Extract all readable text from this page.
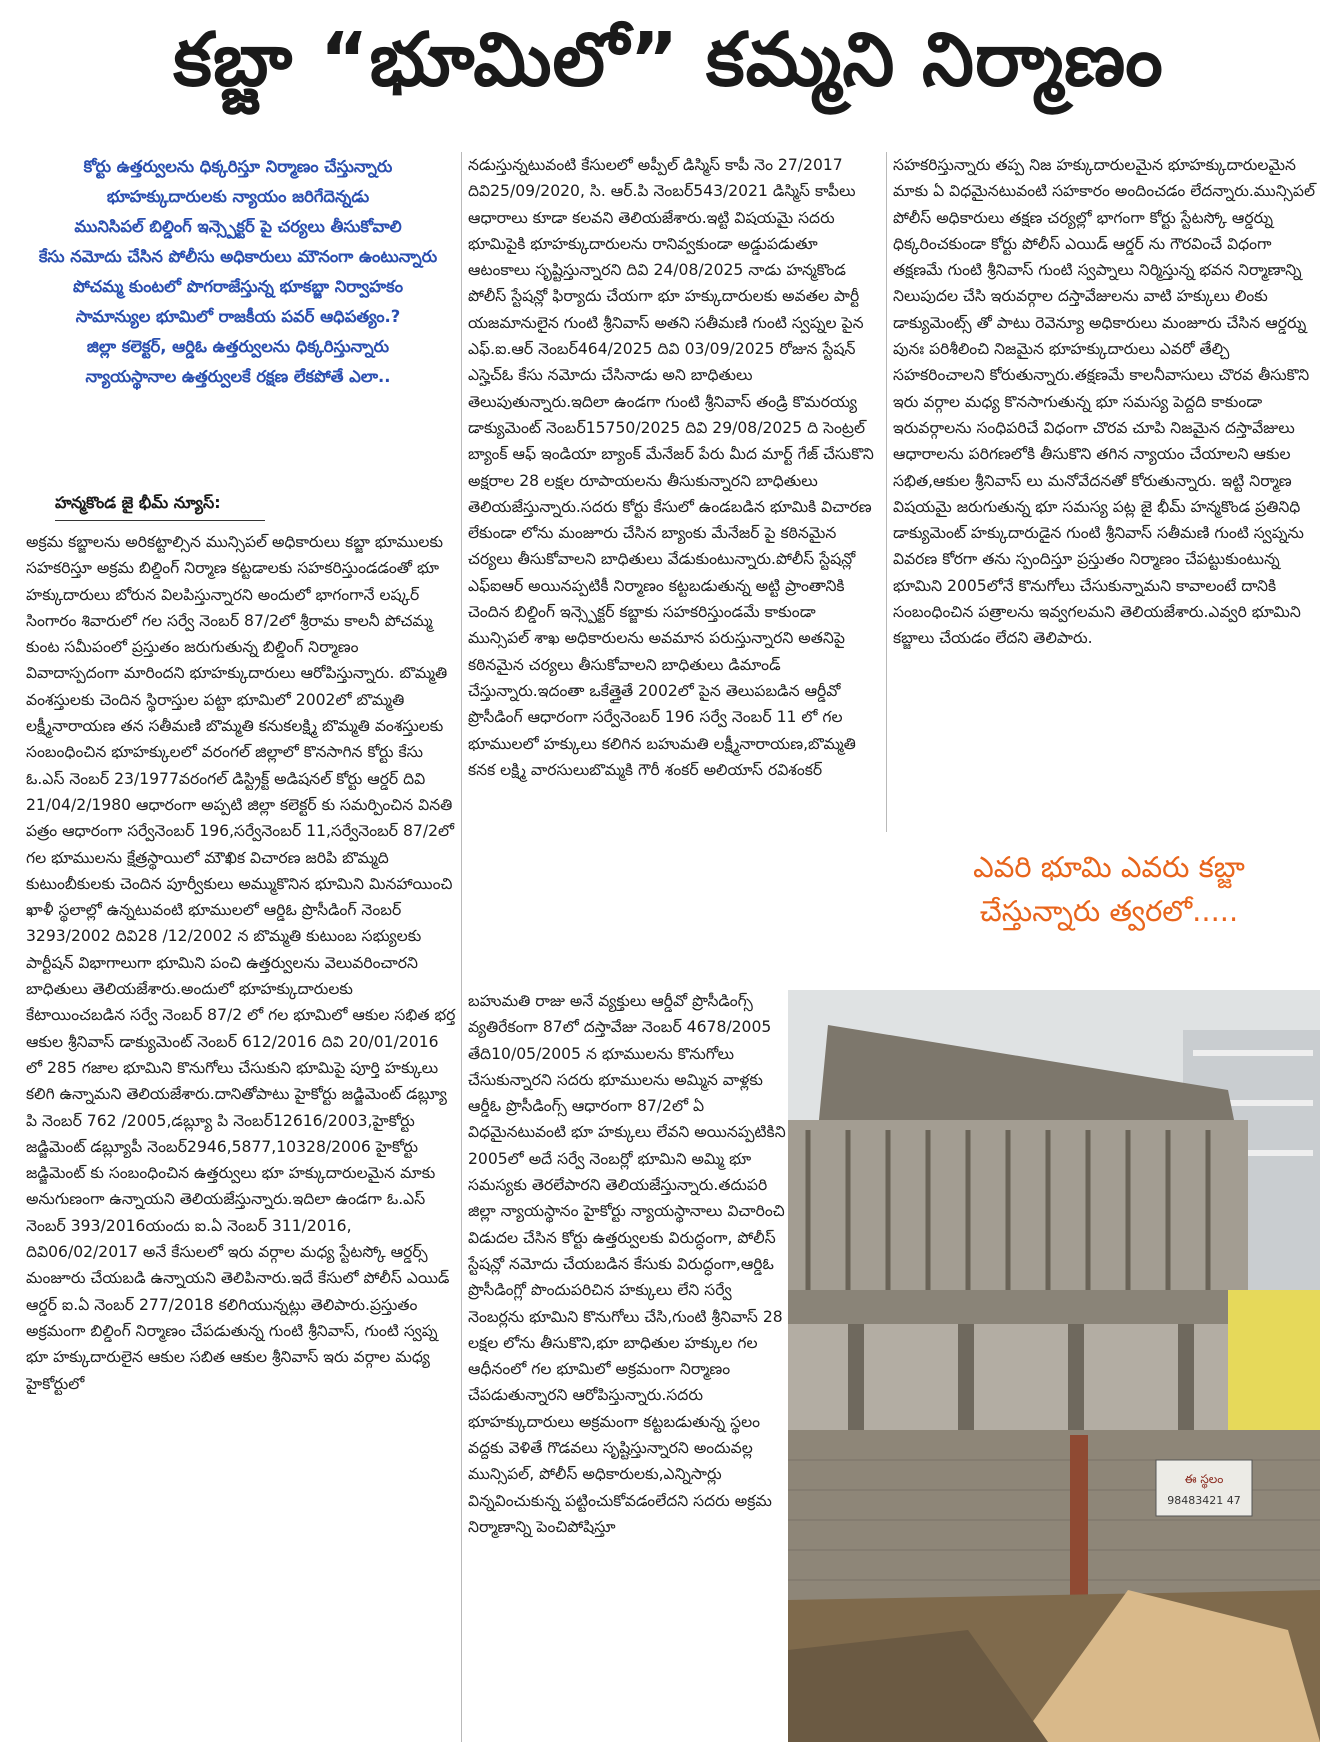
కబ్జా “భూమిలో” కమ్మని నిర్మాణం
కోర్టు ఉత్తర్వులను ధిక్కరిస్తూ నిర్మాణం చేస్తున్నారు
భూహక్కుదారులకు న్యాయం జరిగేదెన్నడు
మునిసిపల్ బిల్డింగ్ ఇన్స్పెక్టర్ పై చర్యలు తీసుకోవాలి
కేసు నమోదు చేసిన పోలీసు అధికారులు మౌనంగా ఉంటున్నారు
పోచమ్మ కుంటలో పొగరాజేస్తున్న భూకబ్జా నిర్వాహకం
సామాన్యుల భూమిలో రాజకీయ పవర్ ఆధిపత్యం.?
జిల్లా కలెక్టర్, ఆర్డిఓ ఉత్తర్వులను ధిక్కరిస్తున్నారు
న్యాయస్థానాల ఉత్తర్వులకే రక్షణ లేకపోతే ఎలా..
హన్మకొండ జై భీమ్ న్యూస్:

అక్రమ కబ్జాలను అరికట్టాల్సిన మున్సిపల్ అధికారులు కబ్జా భూములకు సహకరిస్తూ అక్రమ బిల్డింగ్ నిర్మాణ కట్టడాలకు సహకరిస్తుండడంతో భూ హక్కుదారులు బోరున విలపిస్తున్నారని అందులో భాగంగానే లష్కర్ సింగారం శివారులో గల సర్వే నెంబర్ 87/2లో శ్రీరామ కాలనీ పోచమ్మ కుంట సమీపంలో ప్రస్తుతం జరుగుతున్న బిల్డింగ్ నిర్మాణం వివాదాస్పదంగా మారిందని భూహక్కుదారులు ఆరోపిస్తున్నారు. బొమ్మతి వంశస్తులకు చెందిన స్థిరాస్తుల పట్టా భూమిలో 2002లో బొమ్మతి లక్ష్మీనారాయణ తన సతీమణి బొమ్మతి కనుకలక్ష్మి బొమ్మతి వంశస్తులకు సంబంధించిన భూహక్కులలో వరంగల్ జిల్లాలో కొనసాగిన కోర్టు కేసు ఓ.ఎస్ నెంబర్ 23/1977వరంగల్ డిస్ట్రిక్ట్ అడిషనల్ కోర్టు ఆర్డర్ దివి 21/04/2/1980 ఆధారంగా అప్పటి జిల్లా కలెక్టర్ కు సమర్పించిన వినతి పత్రం ఆధారంగా సర్వేనెంబర్ 196,సర్వేనెంబర్ 11,సర్వేనెంబర్ 87/2లో గల భూములను క్షేత్రస్థాయిలో మౌఖిక విచారణ జరిపి బొమ్మది కుటుంబీకులకు చెందిన పూర్వీకులు అమ్ముకొనిన భూమిని మినహాయించి ఖాళీ స్థలాల్లో ఉన్నటువంటి భూములలో ఆర్డిఓ ప్రొసీడింగ్ నెంబర్ 3293/2002 దివి28 /12/2002 న బొమ్మతి కుటుంబ సభ్యులకు పార్టీషన్ విభాగాలుగా భూమిని పంచి ఉత్తర్వులను వెలువరించారని బాధితులు తెలియజేశారు.అందులో భూహక్కుదారులకు కేటాయించబడిన సర్వే నెంబర్ 87/2 లో గల భూమిలో ఆకుల సభిత భర్త ఆకుల శ్రీనివాస్ డాక్యుమెంట్ నెంబర్ 612/2016 దివి 20/01/2016 లో 285 గజాల భూమిని కొనుగోలు చేసుకుని భూమిపై పూర్తి హక్కులు కలిగి ఉన్నామని తెలియజేశారు.దానితోపాటు హైకోర్టు జడ్జిమెంట్ డబ్ల్యూ పి నెంబర్ 762 /2005,డబ్ల్యూ పి నెంబర్12616/2003,హైకోర్టు జడ్జిమెంట్ డబ్ల్యూపీ నెంబర్2946,5877,10328/2006 హైకోర్టు జడ్జిమెంట్ కు సంబంధించిన ఉత్తర్వులు భూ హక్కుదారులమైన మాకు అనుగుణంగా ఉన్నాయని తెలియజేస్తున్నారు.ఇదిలా ఉండగా ఓ.ఎస్ నెంబర్ 393/2016యందు ఐ.ఏ నెంబర్ 311/2016, దివి06/02/2017 అనే కేసులలో ఇరు వర్గాల మధ్య స్టేటస్కో ఆర్డర్స్ మంజూరు చేయబడి ఉన్నాయని తెలిపినారు.ఇదే కేసులో పోలీస్ ఎయిడ్ ఆర్డర్ ఐ.ఏ నెంబర్ 277/2018 కలిగియున్నట్లు తెలిపారు.ప్రస్తుతం అక్రమంగా బిల్డింగ్ నిర్మాణం చేపడుతున్న గుంటి శ్రీనివాస్, గుంటి స్వప్న భూ హక్కుదారులైన ఆకుల సబిత ఆకుల శ్రీనివాస్ ఇరు వర్గాల మధ్య హైకోర్టులో

నడుస్తున్నటువంటి కేసులలో అప్పీల్ డిస్మిస్ కాపీ నెం 27/2017 దివి25/09/2020, సి. ఆర్.పి నెంబర్543/2021 డిస్మిస్ కాపీలు ఆధారాలు కూడా కలవని తెలియజేశారు.ఇట్టి విషయమై సదరు భూమిపైకి భూహక్కుదారులను రానివ్వకుండా అడ్డుపడుతూ ఆటంకాలు సృష్టిస్తున్నారని దివి 24/08/2025 నాడు హన్మకొండ పోలీస్ స్టేషన్లో ఫిర్యాదు చేయగా భూ హక్కుదారులకు అవతల పార్టీ యజమానులైన గుంటి శ్రీనివాస్ అతని సతీమణి గుంటి స్వప్నల పైన ఎఫ్.ఐ.ఆర్ నెంబర్464/2025 దివి 03/09/2025 రోజున స్టేషన్ ఎస్హెచ్ఓ కేసు నమోదు చేసినాడు అని బాధితులు తెలుపుతున్నారు.ఇదిలా ఉండగా గుంటి శ్రీనివాస్ తండ్రి కొమరయ్య డాక్యుమెంట్ నెంబర్15750/2025 దివి 29/08/2025 ది సెంట్రల్ బ్యాంక్ ఆఫ్ ఇండియా బ్యాంక్ మేనేజర్ పేరు మీద మార్ట్ గేజ్ చేసుకొని అక్షరాల 28 లక్షల రూపాయలను తీసుకున్నారని బాధితులు తెలియజేస్తున్నారు.సదరు కోర్టు కేసులో ఉండబడిన భూమికి విచారణ లేకుండా లోను మంజూరు చేసిన బ్యాంకు మేనేజర్ పై కఠినమైన చర్యలు తీసుకోవాలని బాధితులు వేడుకుంటున్నారు.పోలీస్ స్టేషన్లో ఎఫ్ఐఆర్ అయినప్పటికీ నిర్మాణం కట్టబడుతున్న అట్టి ప్రాంతానికి చెందిన బిల్డింగ్ ఇన్స్పెక్టర్ కబ్జాకు సహకరిస్తుండమే కాకుండా మున్సిపల్ శాఖ అధికారులను అవమాన పరుస్తున్నారని అతనిపై కఠినమైన చర్యలు తీసుకోవాలని బాధితులు డిమాండ్ చేస్తున్నారు.ఇదంతా ఒకేత్తైతే 2002లో పైన తెలుపబడిన ఆర్డీవో ప్రొసీడింగ్ ఆధారంగా సర్వేనెంబర్ 196 సర్వే నెంబర్ 11 లో గల భూములలో హక్కులు కలిగిన బహుమతి లక్ష్మీనారాయణ,బొమ్మతి కనక లక్ష్మి వారసులుబొమ్మకి గౌరీ శంకర్ అలియాస్ రవిశంకర్

బహుమతి రాజు అనే వ్యక్తులు ఆర్డీవో ప్రొసీడింగ్స్ వ్యతిరేకంగా 87లో దస్తావేజు నెంబర్ 4678/2005 తేది10/05/2005 న భూములను కొనుగోలు చేసుకున్నారని సదరు భూములను అమ్మిన వాళ్లకు ఆర్డీఓ ప్రొసీడింగ్స్ ఆధారంగా 87/2లో ఏ విధమైనటువంటి భూ హక్కులు లేవని అయినప్పటికిని 2005లో అదే సర్వే నెంబర్లో భూమిని అమ్మి భూ సమస్యకు తెరలేపారని తెలియజేస్తున్నారు.తదుపరి జిల్లా న్యాయస్థానం హైకోర్టు న్యాయస్థానాలు విచారించి విడుదల చేసిన కోర్టు ఉత్తర్వులకు విరుద్ధంగా, పోలీస్ స్టేషన్లో నమోదు చేయబడిన కేసుకు విరుద్ధంగా,ఆర్డిఓ ప్రొసీడింగ్లో పొందుపరిచిన హక్కులు లేని సర్వే నెంబర్లను భూమిని కొనుగోలు చేసి,గుంటి శ్రీనివాస్ 28 లక్షల లోను తీసుకొని,భూ బాధితుల హక్కుల గల ఆధీనంలో గల భూమిలో అక్రమంగా నిర్మాణం చేపడుతున్నారని ఆరోపిస్తున్నారు.సదరు భూహక్కుదారులు అక్రమంగా కట్టబడుతున్న స్థలం వద్దకు వెళితే గొడవలు సృష్టిస్తున్నారని అందువల్ల మున్సిపల్, పోలీస్ అధికారులకు,ఎన్నిసార్లు విన్నవించుకున్న పట్టించుకోవడంలేదని సదరు అక్రమ నిర్మాణాన్ని పెంచిపోషిస్తూ

సహకరిస్తున్నారు తప్ప నిజ హక్కుదారులమైన భూహక్కుదారులమైన మాకు ఏ విధమైనటువంటి సహకారం అందించడం లేదన్నారు.మున్సిపల్ పోలీస్ అధికారులు తక్షణ చర్యల్లో భాగంగా కోర్టు స్టేటస్కో ఆర్డర్ను ధిక్కరించకుండా కోర్టు పోలీస్ ఎయిడ్ ఆర్డర్ ను గౌరవించే విధంగా తక్షణమే గుంటి శ్రీనివాస్ గుంటి స్వప్నాలు నిర్మిస్తున్న భవన నిర్మాణాన్ని నిలుపుదల చేసి ఇరువర్గాల దస్తావేజులను వాటి హక్కులు లింకు డాక్యుమెంట్స్ తో పాటు రెవెన్యూ అధికారులు మంజూరు చేసిన ఆర్డర్ను పునః పరిశీలించి నిజమైన భూహక్కుదారులు ఎవరో తేల్చి సహకరించాలని కోరుతున్నారు.తక్షణమే కాలనీవాసులు చొరవ తీసుకొని ఇరు వర్గాల మధ్య కొనసాగుతున్న భూ సమస్య పెద్దది కాకుండా ఇరువర్గాలను సంధిపరిచే విధంగా చొరవ చూపి నిజమైన దస్తావేజులు ఆధారాలను పరిగణలోకి తీసుకొని తగిన న్యాయం చేయాలని ఆకుల సభిత,ఆకుల శ్రీనివాస్ లు మనోవేదనతో కోరుతున్నారు. ఇట్టి నిర్మాణ విషయమై జరుగుతున్న భూ సమస్య పట్ల జై భీమ్ హన్మకొండ ప్రతినిధి డాక్యుమెంట్ హక్కుదారుడైన గుంటి శ్రీనివాస్ సతీమణి గుంటి స్వప్నను వివరణ కోరగా తను స్పందిస్తూ ప్రస్తుతం నిర్మాణం చేపట్టుకుంటున్న భూమిని 2005లోనే కొనుగోలు చేసుకున్నామని కావాలంటే దానికి సంబంధించిన పత్రాలను ఇవ్వగలమని తెలియజేశారు.ఎవ్వరి భూమిని కబ్జాలు చేయడం లేదని తెలిపారు.

ఎవరి భూమి ఎవరు కబ్జా
చేస్తున్నారు త్వరలో.....
ఈ స్థలం
98483421 47
